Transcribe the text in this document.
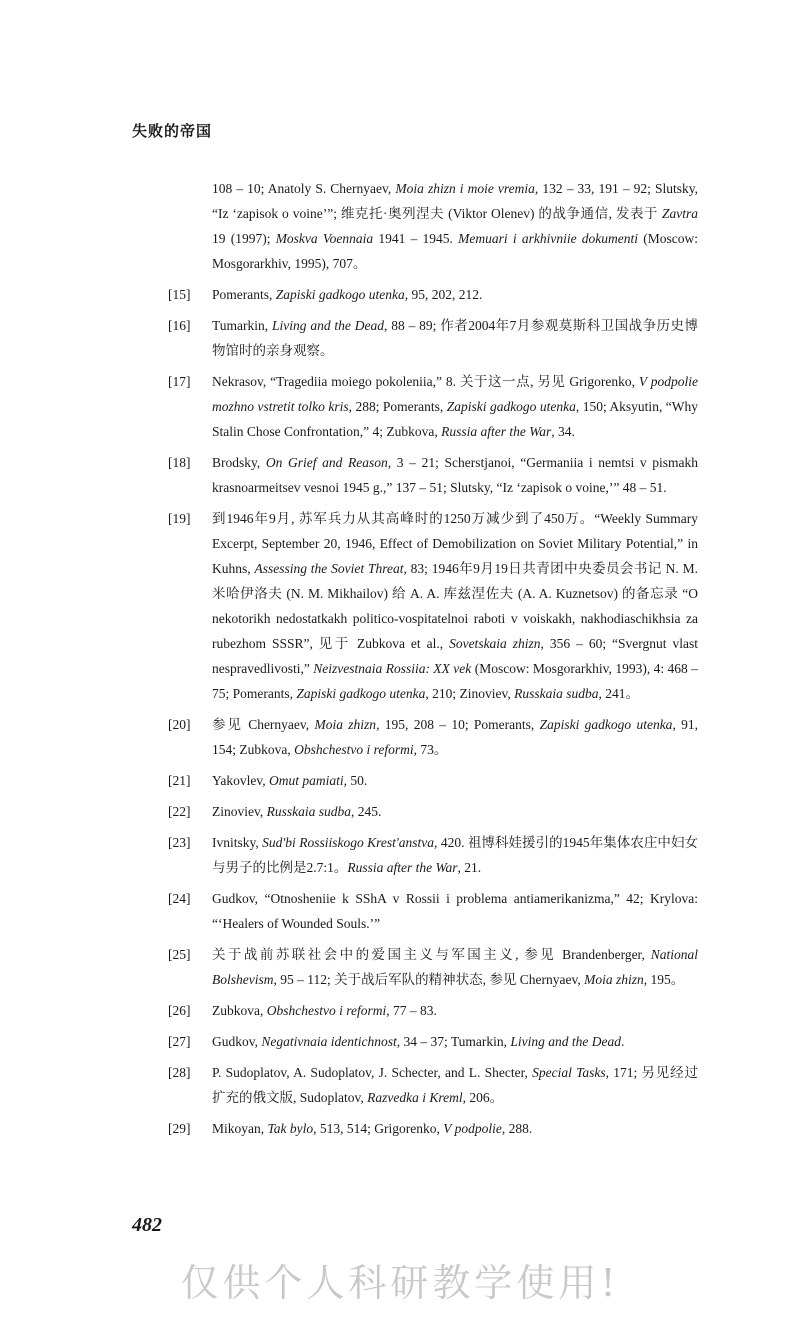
失败的帝国
108 – 10; Anatoly S. Chernyaev, Moia zhizn i moie vremia, 132 – 33, 191 – 92; Slutsky, “Iz ‘zapisok o voine’”; 维克托·奥列涅夫 (Viktor Olenev) 的战争通信, 发表于 Zavtra 19 (1997); Moskva Voennaia 1941 – 1945. Memuari i arkhivniie dokumenti (Moscow: Mosgorarkhiv, 1995), 707。
[15] Pomerants, Zapiski gadkogo utenka, 95, 202, 212.
[16] Tumarkin, Living and the Dead, 88 – 89; 作者2004年7月参观莫斯科卫国战争历史博物馆时的亲身观察。
[17] Nekrasov, “Tragediia moiego pokoleniia,” 8. 关于这一点, 另见 Grigorenko, V podpolie mozhno vstretit tolko kris, 288; Pomerants, Zapiski gadkogo utenka, 150; Aksyutin, “Why Stalin Chose Confrontation,” 4; Zubkova, Russia after the War, 34.
[18] Brodsky, On Grief and Reason, 3 – 21; Scherstjanoi, “Germaniia i nemtsi v pismakh krasnoarmeitsev vesnoi 1945 g.,” 137 – 51; Slutsky, “Iz ‘zapisok o voine,’” 48 – 51.
[19] 到1946年9月, 苏军兵力从其高峰时的1250万减少到了450万。“Weekly Summary Excerpt, September 20, 1946, Effect of Demobilization on Soviet Military Potential,” in Kuhns, Assessing the Soviet Threat, 83; 1946年9月19日共青团中央委员会书记 N. M. 米哈伊洛夫 (N. M. Mikhailov) 给 A. A. 库兹涅佐夫 (A. A. Kuznetsov) 的备忘录 “O nekotorikh nedostatkakh politico-vospitatelnoi raboti v voiskakh, nakhodiaschikhsia za rubezhom SSSR”, 见于 Zubkova et al., Sovetskaia zhizn, 356 – 60; “Svergnut vlast nespravedlivosti,” Neizvestnaia Rossiia: XX vek (Moscow: Mosgorarkhiv, 1993), 4: 468 – 75; Pomerants, Zapiski gadkogo utenka, 210; Zinoviev, Russkaia sudba, 241。
[20] 参见 Chernyaev, Moia zhizn, 195, 208 – 10; Pomerants, Zapiski gadkogo utenka, 91, 154; Zubkova, Obshchestvo i reformi, 73。
[21] Yakovlev, Omut pamiati, 50.
[22] Zinoviev, Russkaia sudba, 245.
[23] Ivnitsky, Sud'bi Rossiiskogo Krest'anstva, 420. 祖博科娃援引的1945年集体农庄中妇女与男子的比例是2.7:1。Russia after the War, 21.
[24] Gudkov, “Otnosheniie k SShA v Rossii i problema antiamerikanizma,” 42; Krylova: “‘Healers of Wounded Souls.’”
[25] 关于战前苏联社会中的爱国主义与军国主义, 参见 Brandenberger, National Bolshevism, 95 – 112; 关于战后军队的精神状态, 参见 Chernyaev, Moia zhizn, 195。
[26] Zubkova, Obshchestvo i reformi, 77 – 83.
[27] Gudkov, Negativnaia identichnost, 34 – 37; Tumarkin, Living and the Dead.
[28] P. Sudoplatov, A. Sudoplatov, J. Schecter, and L. Shecter, Special Tasks, 171; 另见经过扩充的俄文版, Sudoplatov, Razvedka i Kreml, 206。
[29] Mikoyan, Tak bylo, 513, 514; Grigorenko, V podpolie, 288.
482
仅供个人科研教学使用!
